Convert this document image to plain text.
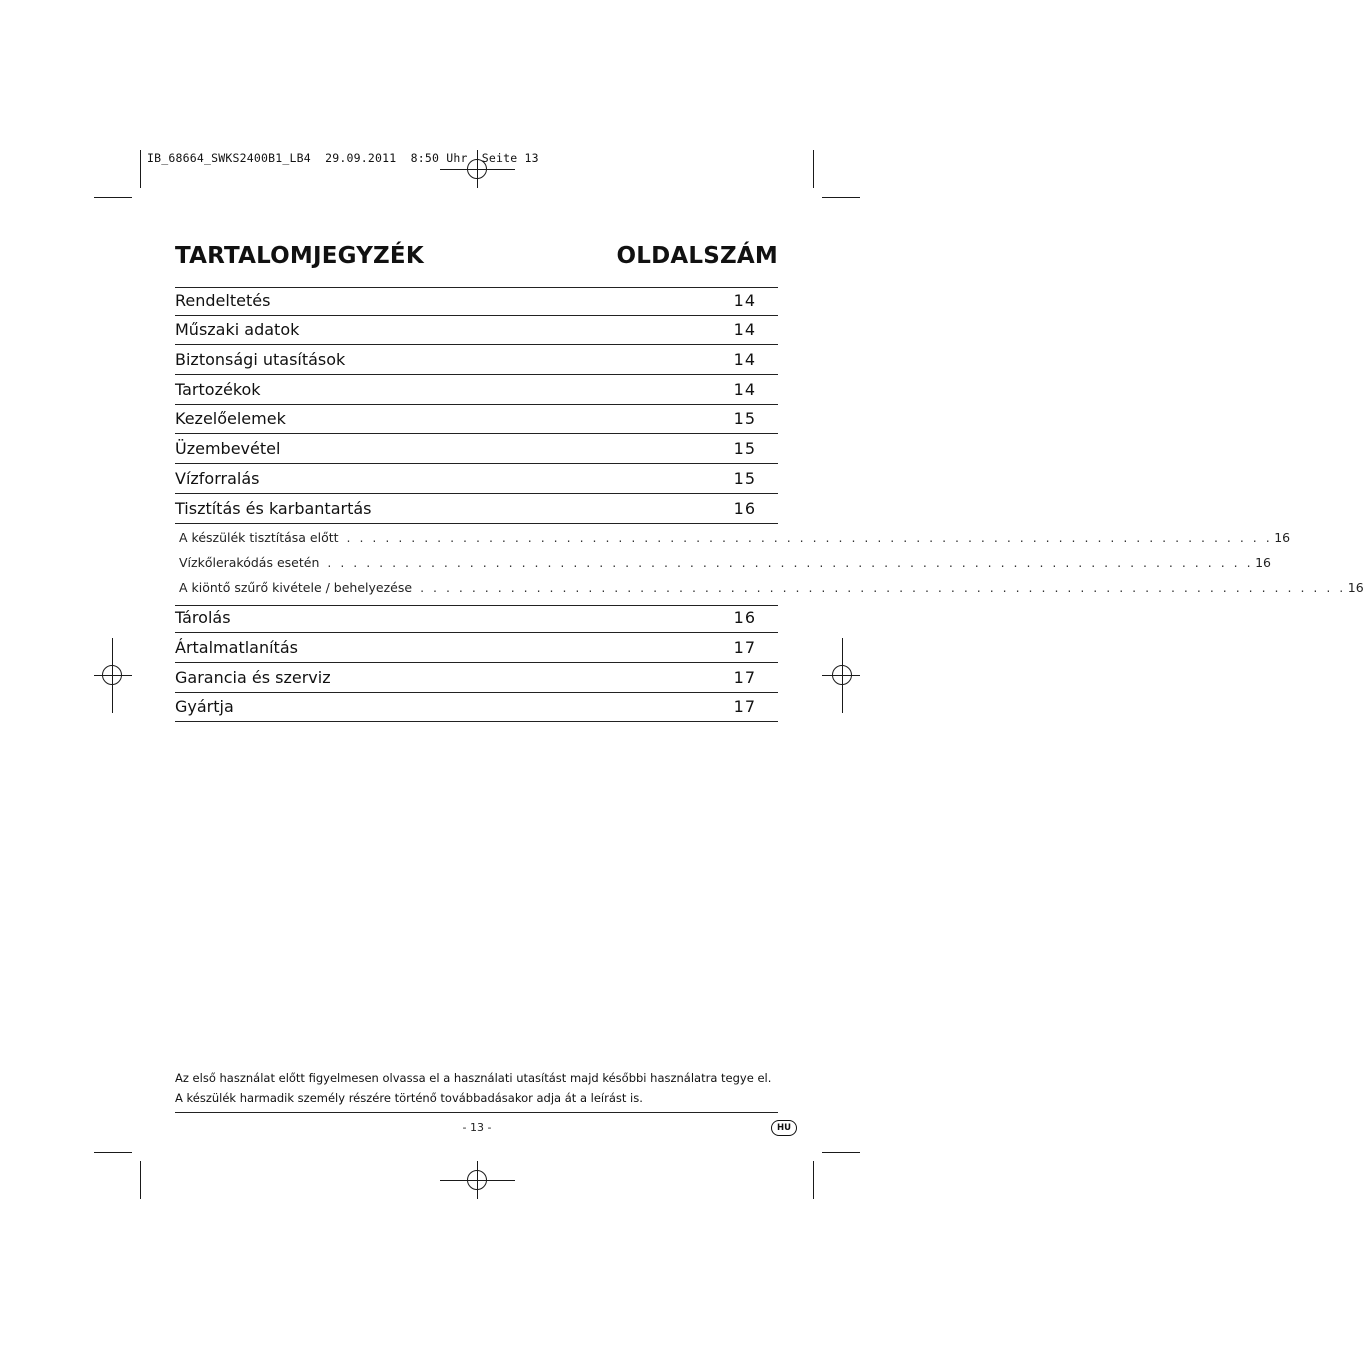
IB_68664_SWKS2400B1_LB4  29.09.2011  8:50 Uhr  Seite 13
TARTALOMJEGYZÉK	OLDALSZÁM
Rendeltetés	14
Műszaki adatok	14
Biztonsági utasítások	14
Tartozékok	14
Kezelőelemek	15
Üzembevétel	15
Vízforralás	15
Tisztítás és karbantartás	16
A készülék tisztítása előtt . . . . . . . . . . . . . . . . . . . . . . . . . . . . . . . . . . . . . . . . . . . . . . . . . . . . . . . . . . . . . . . . . . . . . . . . 16
Vízkőlerakódás esetén . . . . . . . . . . . . . . . . . . . . . . . . . . . . . . . . . . . . . . . . . . . . . . . . . . . . . . . . . . . . . . . . . . . . . . . . 16
A kiöntő szűrő kivétele / behelyezése . . . . . . . . . . . . . . . . . . . . . . . . . . . . . . . . . . . . . . . . . . . . . . . . . . . . . . . . . . . . . . . . . . . . . . . . 16
Tárolás	16
Ártalmatlanítás	17
Garancia és szerviz	17
Gyártja	17
Az első használat előtt figyelmesen olvassa el a használati utasítást majd későbbi használatra tegye el.
A készülék harmadik személy részére történő továbbadásakor adja át a leírást is.
- 13 -	HU
